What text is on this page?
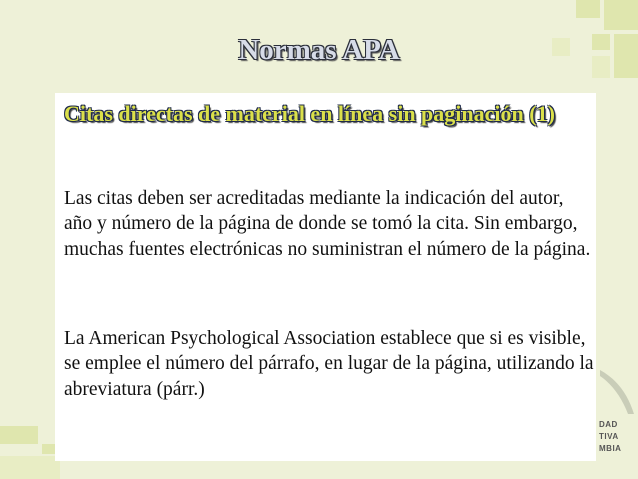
Normas APA
Citas directas de material en línea sin paginación (1)
Las citas deben ser acreditadas mediante la indicación del autor, año y número de la página de donde se tomó la cita. Sin embargo, muchas fuentes electrónicas no suministran el número de la página.
La American Psychological Association establece que si es visible, se emplee el número del párrafo, en lugar de la página, utilizando la abreviatura (párr.)
DAD
TIVA
MBIA
